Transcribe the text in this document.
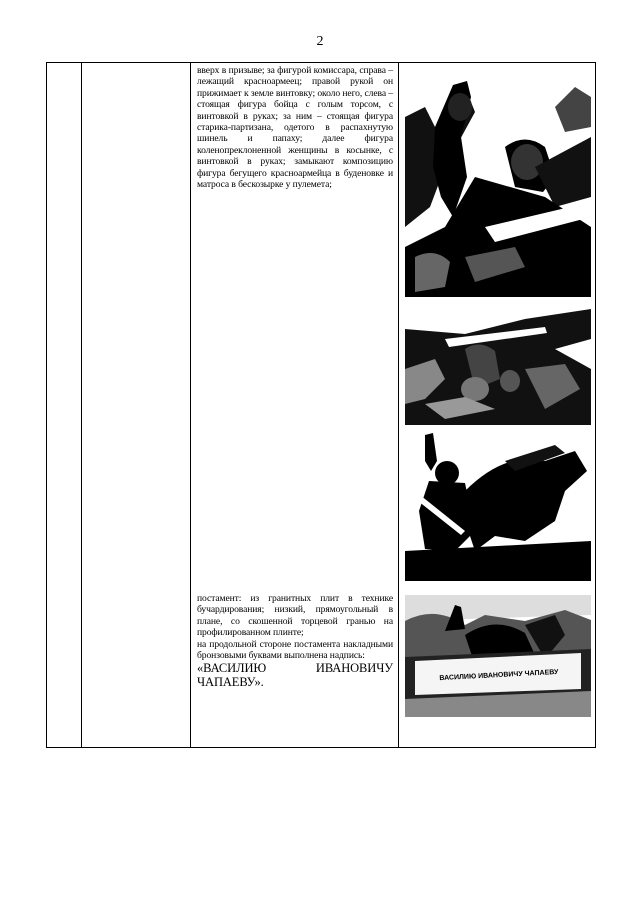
2

вверх в призыве; за фигурой комиссара, справа – лежащий красноармеец; правой рукой он прижимает к земле винтовку; около него, слева – стоящая фигура бойца с голым торсом, с винтовкой в руках; за ним – стоящая фигура старика-партизана, одетого в распахнутую шинель и папаху; далее фигура коленопреклоненной женщины в косынке, с винтовкой в руках; замыкают композицию фигура бегущего красноармейца в буденовке и матроса в бескозырке у пулемета;

постамент: из гранитных плит в технике бучардирования; низкий, прямоугольный в плане, со скошенной торцевой гранью на профилированном плинте;

на продольной стороне постамента накладными бронзовыми буквами выполнена надпись:

«ВАСИЛИЮ ИВАНОВИЧУ ЧАПАЕВУ».	ВАСИЛИЮ ИВАНОВИЧУ ЧАПАЕВУ
